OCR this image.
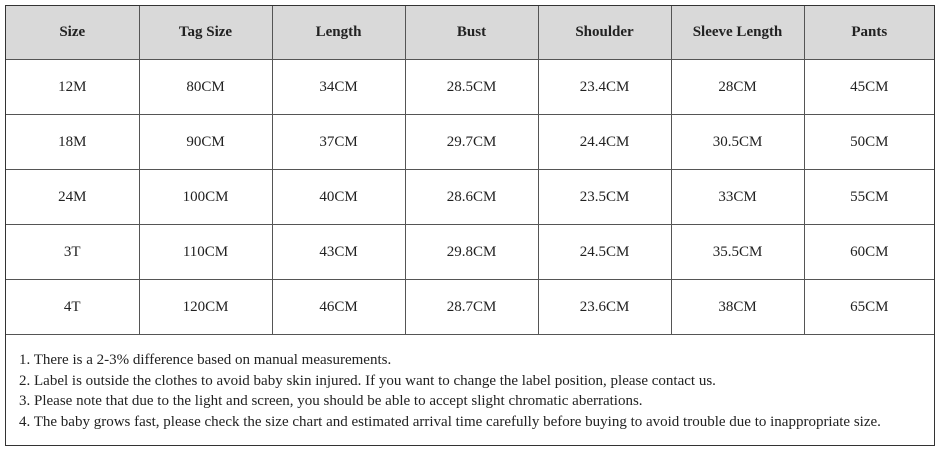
Size	Tag Size	Length	Bust	Shoulder	Sleeve Length	Pants
12M	80CM	34CM	28.5CM	23.4CM	28CM	45CM
18M	90CM	37CM	29.7CM	24.4CM	30.5CM	50CM
24M	100CM	40CM	28.6CM	23.5CM	33CM	55CM
3T	110CM	43CM	29.8CM	24.5CM	35.5CM	60CM
4T	120CM	46CM	28.7CM	23.6CM	38CM	65CM
1. There is a 2-3% difference based on manual measurements.
2. Label is outside the clothes to avoid baby skin injured. If you want to change the label position, please contact us.
3. Please note that due to the light and screen, you should be able to accept slight chromatic aberrations.
4. The baby grows fast, please check the size chart and estimated arrival time carefully before buying to avoid trouble due to inappropriate size.
